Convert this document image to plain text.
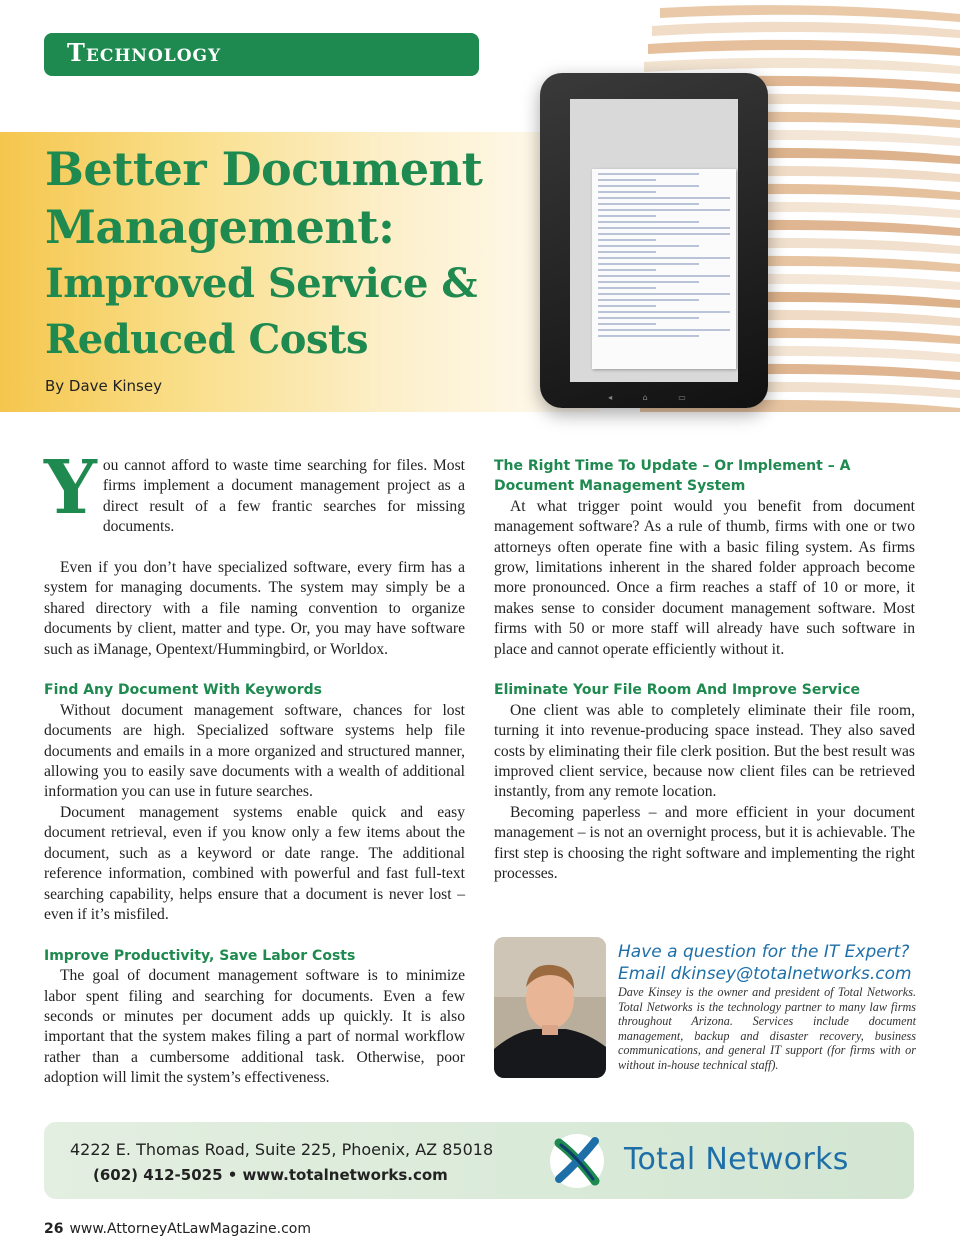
Technology
◂ ⌂ ▭
Better Document
Management:
Improved Service &
Reduced Costs
By Dave Kinsey

You cannot afford to waste time searching for files. Most firms implement a document management project as a direct result of a few frantic searches for missing documents.

Even if you don’t have specialized software, every firm has a system for managing documents. The system may simply be a shared directory with a file naming convention to organize documents by client, matter and type. Or, you may have software such as iManage, Opentext/Hummingbird, or Worldox.

Find Any Document With Keywords

Without document management software, chances for lost documents are high. Specialized software systems help file documents and emails in a more organized and structured manner, allowing you to easily save documents with a wealth of additional information you can use in future searches.

Document management systems enable quick and easy document retrieval, even if you know only a few items about the document, such as a keyword or date range. The additional reference information, combined with powerful and fast full-text searching capability, helps ensure that a document is never lost – even if it’s misfiled.

Improve Productivity, Save Labor Costs

The goal of document management software is to minimize labor spent filing and searching for documents. Even a few seconds or minutes per document adds up quickly. It is also important that the system makes filing a part of normal workflow rather than a cumbersome additional task. Otherwise, poor adoption will limit the system’s effectiveness.

The Right Time To Update – Or Implement – A Document Management System

At what trigger point would you benefit from document management software? As a rule of thumb, firms with one or two attorneys often operate fine with a basic filing system. As firms grow, limitations inherent in the shared folder approach become more pronounced. Once a firm reaches a staff of 10 or more, it makes sense to consider document management software. Most firms with 50 or more staff will already have such software in place and cannot operate efficiently without it.

Eliminate Your File Room And Improve Service

One client was able to completely eliminate their file room, turning it into revenue-producing space instead. They also saved costs by eliminating their file clerk position. But the best result was improved client service, because now client files can be retrieved instantly, from any remote location.

Becoming paperless – and more efficient in your document management – is not an overnight process, but it is achievable. The first step is choosing the right software and implementing the right processes.

Have a question for the IT Expert?
Email dkinsey@totalnetworks.com
Dave Kinsey is the owner and president of Total Networks. Total Networks is the technology partner to many law firms throughout Arizona. Services include document management, backup and disaster recovery, business communications, and general IT support (for firms with or without in-house technical staff).
4222 E. Thomas Road, Suite 225, Phoenix, AZ 85018
(602) 412-5025 • www.totalnetworks.com	Total Networks
26 www.AttorneyAtLawMagazine.com
